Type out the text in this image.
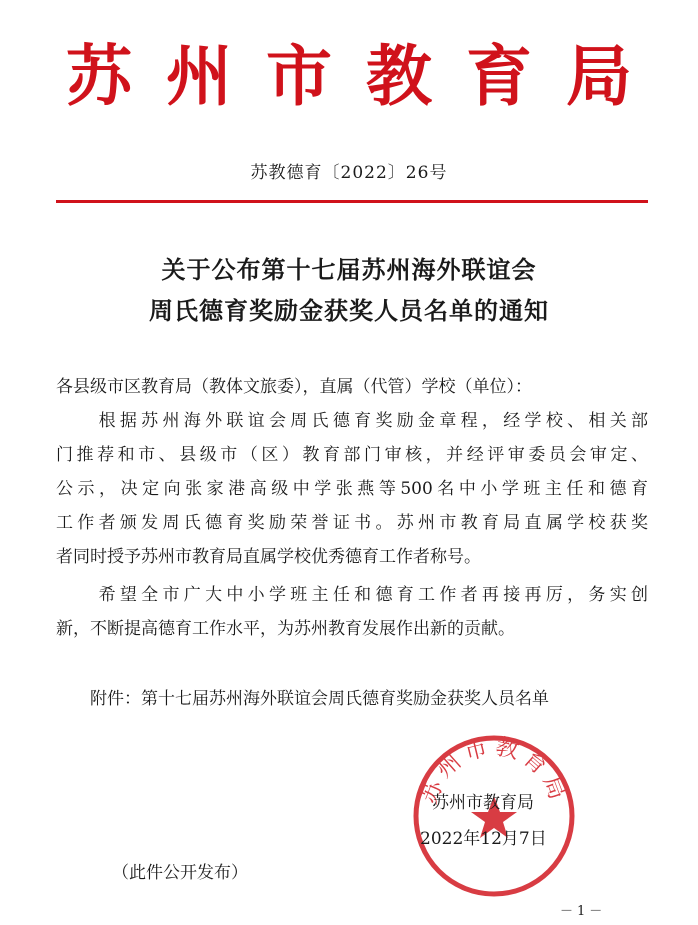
苏州市教育局
苏教德育〔2022〕26号
关于公布第十七届苏州海外联谊会
周氏德育奖励金获奖人员名单的通知
各县级市区教育局（教体文旅委），直属（代管）学校（单位）：
　　根据苏州海外联谊会周氏德育奖励金章程，经学校、相关部
门推荐和市、县级市（区）教育部门审核，并经评审委员会审定、
公示，决定向张家港高级中学张燕等500名中小学班主任和德育
工作者颁发周氏德育奖励荣誉证书。苏州市教育局直属学校获奖
者同时授予苏州市教育局直属学校优秀德育工作者称号。
　　希望全市广大中小学班主任和德育工作者再接再厉，务实创
新，不断提高德育工作水平，为苏州教育发展作出新的贡献。
　　附件：第十七届苏州海外联谊会周氏德育奖励金获奖人员名单
苏州市教育局
苏州市教育局
2022年12月7日
（此件公开发布）
－1－
